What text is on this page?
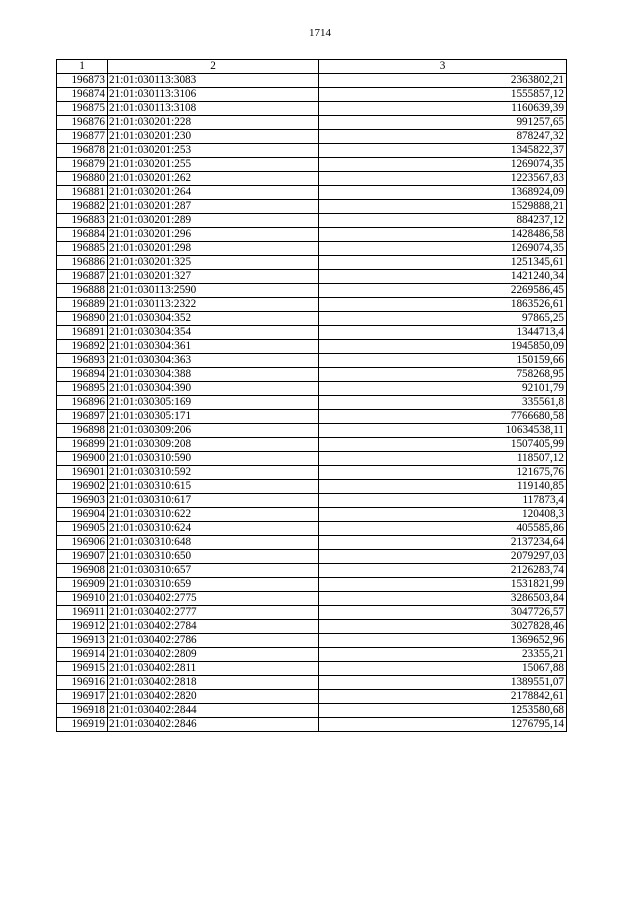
1714
1	2	3
196873	21:01:030113:3083	2363802,21
196874	21:01:030113:3106	1555857,12
196875	21:01:030113:3108	1160639,39
196876	21:01:030201:228	991257,65
196877	21:01:030201:230	878247,32
196878	21:01:030201:253	1345822,37
196879	21:01:030201:255	1269074,35
196880	21:01:030201:262	1223567,83
196881	21:01:030201:264	1368924,09
196882	21:01:030201:287	1529888,21
196883	21:01:030201:289	884237,12
196884	21:01:030201:296	1428486,58
196885	21:01:030201:298	1269074,35
196886	21:01:030201:325	1251345,61
196887	21:01:030201:327	1421240,34
196888	21:01:030113:2590	2269586,45
196889	21:01:030113:2322	1863526,61
196890	21:01:030304:352	97865,25
196891	21:01:030304:354	1344713,4
196892	21:01:030304:361	1945850,09
196893	21:01:030304:363	150159,66
196894	21:01:030304:388	758268,95
196895	21:01:030304:390	92101,79
196896	21:01:030305:169	335561,8
196897	21:01:030305:171	7766680,58
196898	21:01:030309:206	10634538,11
196899	21:01:030309:208	1507405,99
196900	21:01:030310:590	118507,12
196901	21:01:030310:592	121675,76
196902	21:01:030310:615	119140,85
196903	21:01:030310:617	117873,4
196904	21:01:030310:622	120408,3
196905	21:01:030310:624	405585,86
196906	21:01:030310:648	2137234,64
196907	21:01:030310:650	2079297,03
196908	21:01:030310:657	2126283,74
196909	21:01:030310:659	1531821,99
196910	21:01:030402:2775	3286503,84
196911	21:01:030402:2777	3047726,57
196912	21:01:030402:2784	3027828,46
196913	21:01:030402:2786	1369652,96
196914	21:01:030402:2809	23355,21
196915	21:01:030402:2811	15067,88
196916	21:01:030402:2818	1389551,07
196917	21:01:030402:2820	2178842,61
196918	21:01:030402:2844	1253580,68
196919	21:01:030402:2846	1276795,14
